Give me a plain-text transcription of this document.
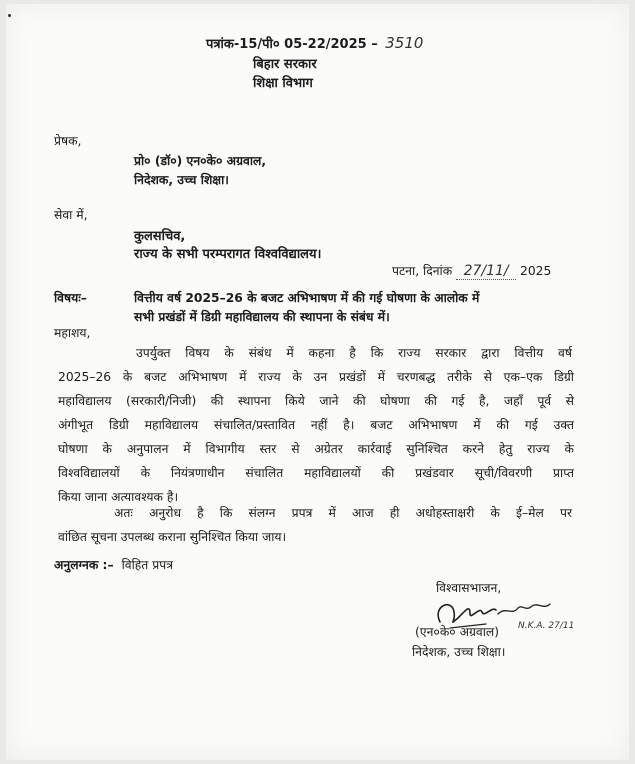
पत्रांक-15/पी० 05-22/2025 – 3510
बिहार सरकार
शिक्षा विभाग
प्रेषक,
प्रो० (डॉ०) एन०के० अग्रवाल,
निदेशक, उच्च शिक्षा।
सेवा में,
कुलसचिव,
राज्य के सभी परम्परागत विश्वविद्यालय।
पटना, दिनांक 27/11/ 2025
विषयः–	वित्तीय वर्ष 2025–26 के बजट अभिभाषण में की गई घोषणा के आलोक में
सभी प्रखंडों में डिग्री महाविद्यालय की स्थापना के संबंध में।
महाशय,
उपर्युक्त विषय के संबंध में कहना है कि राज्य सरकार द्वारा वित्तीय वर्ष
2025–26 के बजट अभिभाषण में राज्य के उन प्रखंडों में चरणबद्ध तरीके से एक–एक डिग्री
महाविद्यालय (सरकारी/निजी) की स्थापना किये जाने की घोषणा की गई है, जहाँ पूर्व से
अंगीभूत डिग्री महाविद्यालय संचालित/प्रस्तावित नहीं है। बजट अभिभाषण में की गई उक्त
घोषणा के अनुपालन में विभागीय स्तर से अग्रेतर कार्रवाई सुनिश्चित करने हेतु राज्य के
विश्वविद्यालयों के नियंत्रणाधीन संचालित महाविद्यालयों की प्रखंडवार सूची/विवरणी प्राप्त
किया जाना अत्यावश्यक है।
अतः अनुरोध है कि संलग्न प्रपत्र में आज ही अधोहस्ताक्षरी के ई–मेल पर
वांछित सूचना उपलब्ध कराना सुनिश्चित किया जाय।
अनुलग्नक :– विहित प्रपत्र
विश्वासभाजन,
N.K.A. 27/11
(एन०के० अग्रवाल)
निदेशक, उच्च शिक्षा।
